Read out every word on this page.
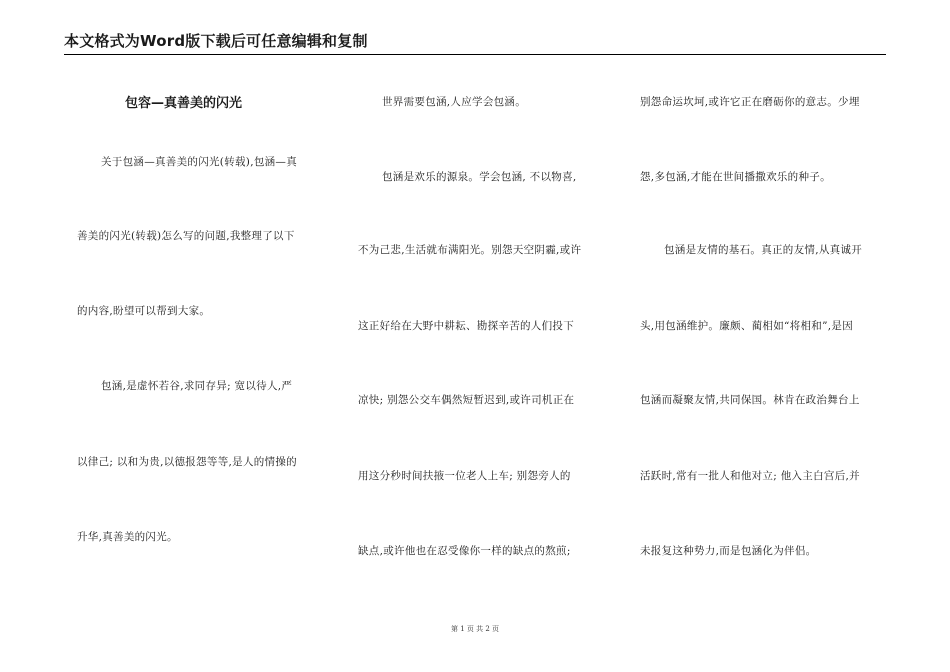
本文格式为Word版下载后可任意编辑和复制
包容—真善美的闪光
关于包涵—真善美的闪光(转载),包涵—真
善美的闪光(转载)怎么写的问题,我整理了以下
的内容,盼望可以帮到大家。
包涵,是虚怀若谷,求同存异; 宽以待人,严
以律己; 以和为贵,以德报怨等等,是人的情操的
升华,真善美的闪光。
世界需要包涵,人应学会包涵。
包涵是欢乐的源泉。学会包涵, 不以物喜,
不为己悲,生活就布满阳光。别怨天空阴霾,或许
这正好给在大野中耕耘、勘探辛苦的人们投下
凉快; 别怨公交车偶然短暂迟到,或许司机正在
用这分秒时间扶掖一位老人上车; 别怨旁人的
缺点,或许他也在忍受像你一样的缺点的熬煎;
别怨命运坎坷,或许它正在磨砺你的意志。少埋
怨,多包涵,才能在世间播撒欢乐的种子。
包涵是友情的基石。真正的友情,从真诚开
头,用包涵维护。廉颇、蔺相如“将相和”,是因
包涵而凝聚友情,共同保国。林肯在政治舞台上
活跃时,常有一批人和他对立; 他入主白宫后,并
未报复这种势力,而是包涵化为伴侣。
第 1 页 共 2 页
